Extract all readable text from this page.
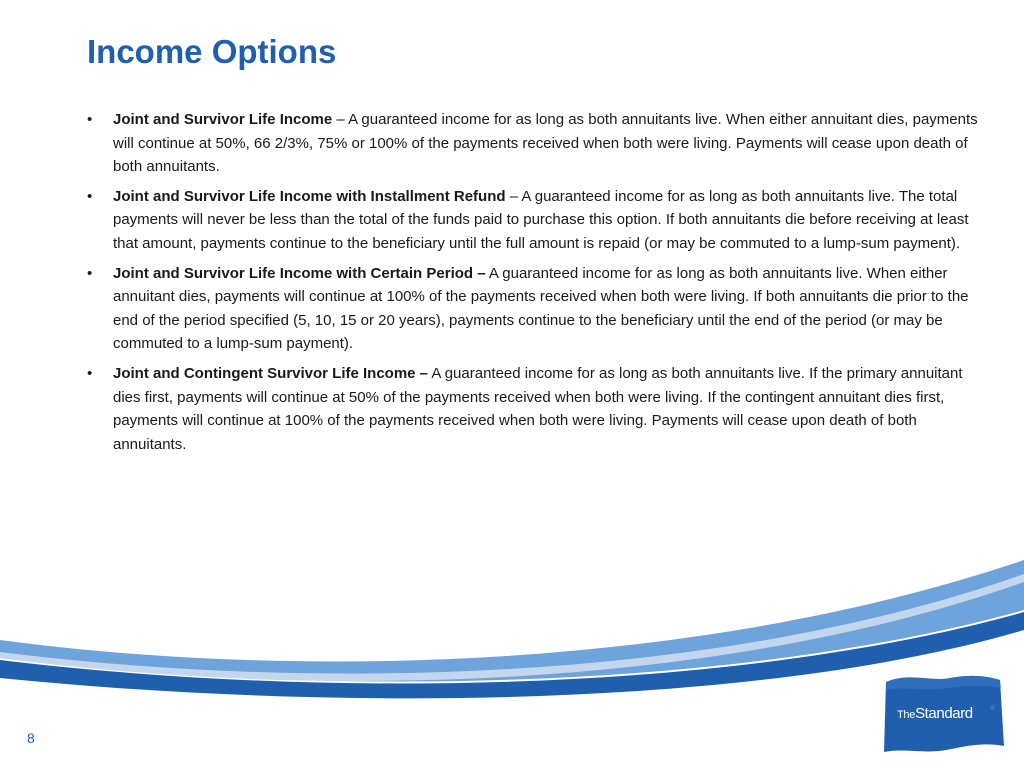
Income Options
• Joint and Survivor Life Income – A guaranteed income for as long as both annuitants live. When either annuitant dies, payments will continue at 50%, 66 2/3%, 75% or 100% of the payments received when both were living. Payments will cease upon death of both annuitants.
• Joint and Survivor Life Income with Installment Refund – A guaranteed income for as long as both annuitants live. The total payments will never be less than the total of the funds paid to purchase this option. If both annuitants die before receiving at least that amount, payments continue to the beneficiary until the full amount is repaid (or may be commuted to a lump-sum payment).
• Joint and Survivor Life Income with Certain Period – A guaranteed income for as long as both annuitants live. When either annuitant dies, payments will continue at 100% of the payments received when both were living. If both annuitants die prior to the end of the period specified (5, 10, 15 or 20 years), payments continue to the beneficiary until the end of the period (or may be commuted to a lump-sum payment).
• Joint and Contingent Survivor Life Income – A guaranteed income for as long as both annuitants live. If the primary annuitant dies first, payments will continue at 50% of the payments received when both were living. If the contingent annuitant dies first, payments will continue at 100% of the payments received when both were living. Payments will cease upon death of both annuitants.
8
TheStandard	®
